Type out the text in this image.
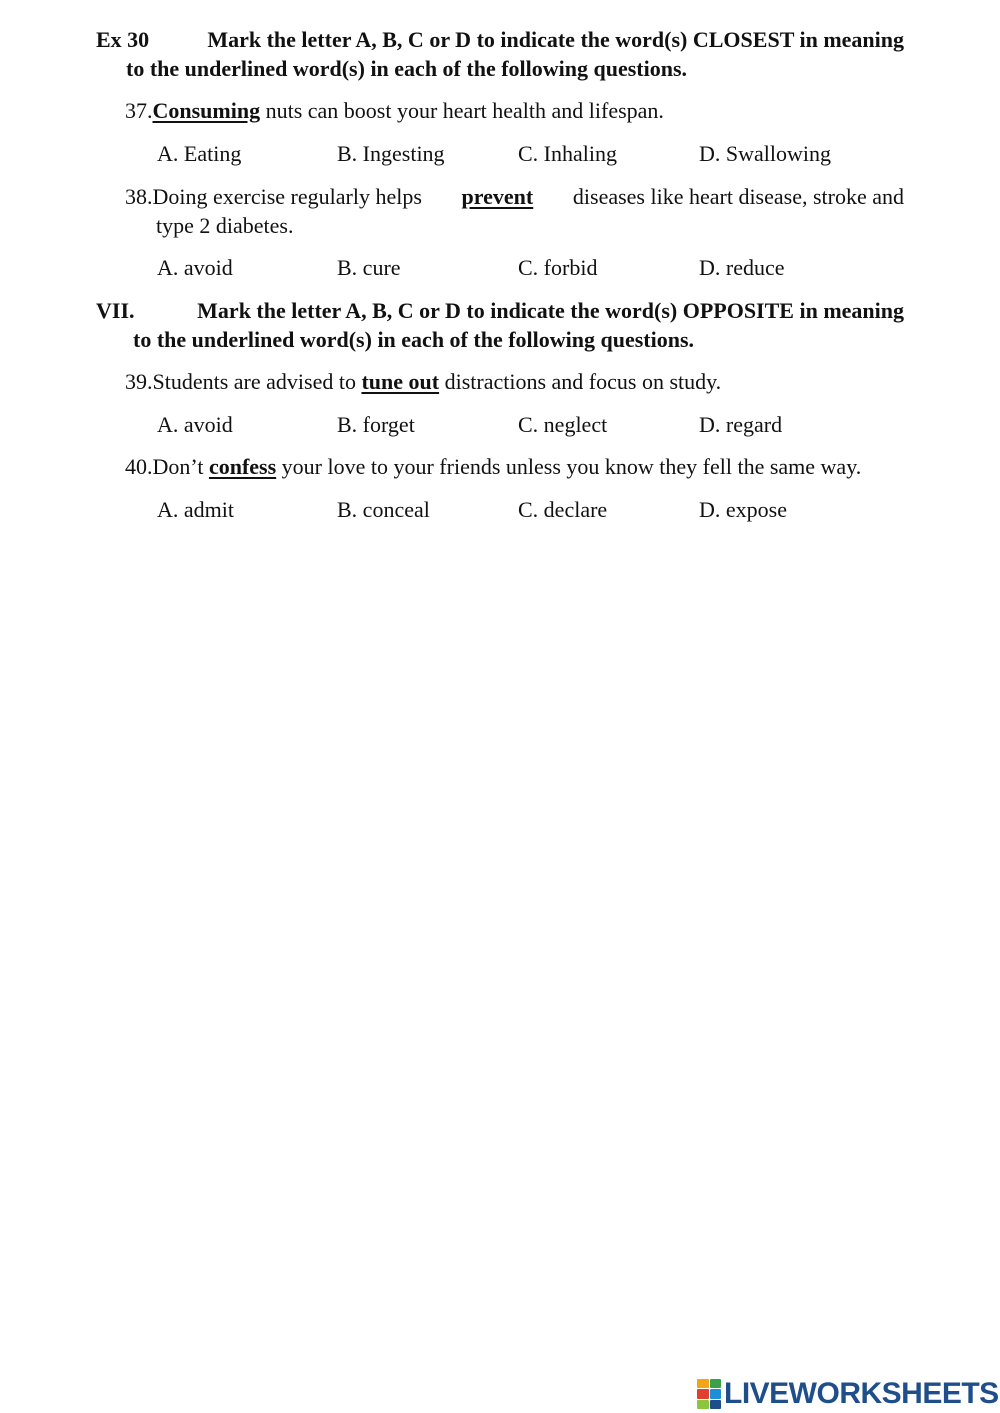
Ex 30	Mark the letter A, B, C or D to indicate the word(s) CLOSEST in meaning
to the underlined word(s) in each of the following questions.
37.Consuming nuts can boost your heart health and lifespan.
A. Eating	B. Ingesting	C. Inhaling	D. Swallowing
38. Doing exercise regularly helps prevent diseases like heart disease, stroke and
type 2 diabetes.
A. avoid	B. cure	C. forbid	D. reduce
VII.	Mark the letter A, B, C or D to indicate the word(s) OPPOSITE in meaning
to the underlined word(s) in each of the following questions.
39.Students are advised to tune out distractions and focus on study.
A. avoid	B. forget	C. neglect	D. regard
40.Don’t confess your love to your friends unless you know they fell the same way.
A. admit	B. conceal	C. declare	D. expose
LIVEWORKSHEETS
